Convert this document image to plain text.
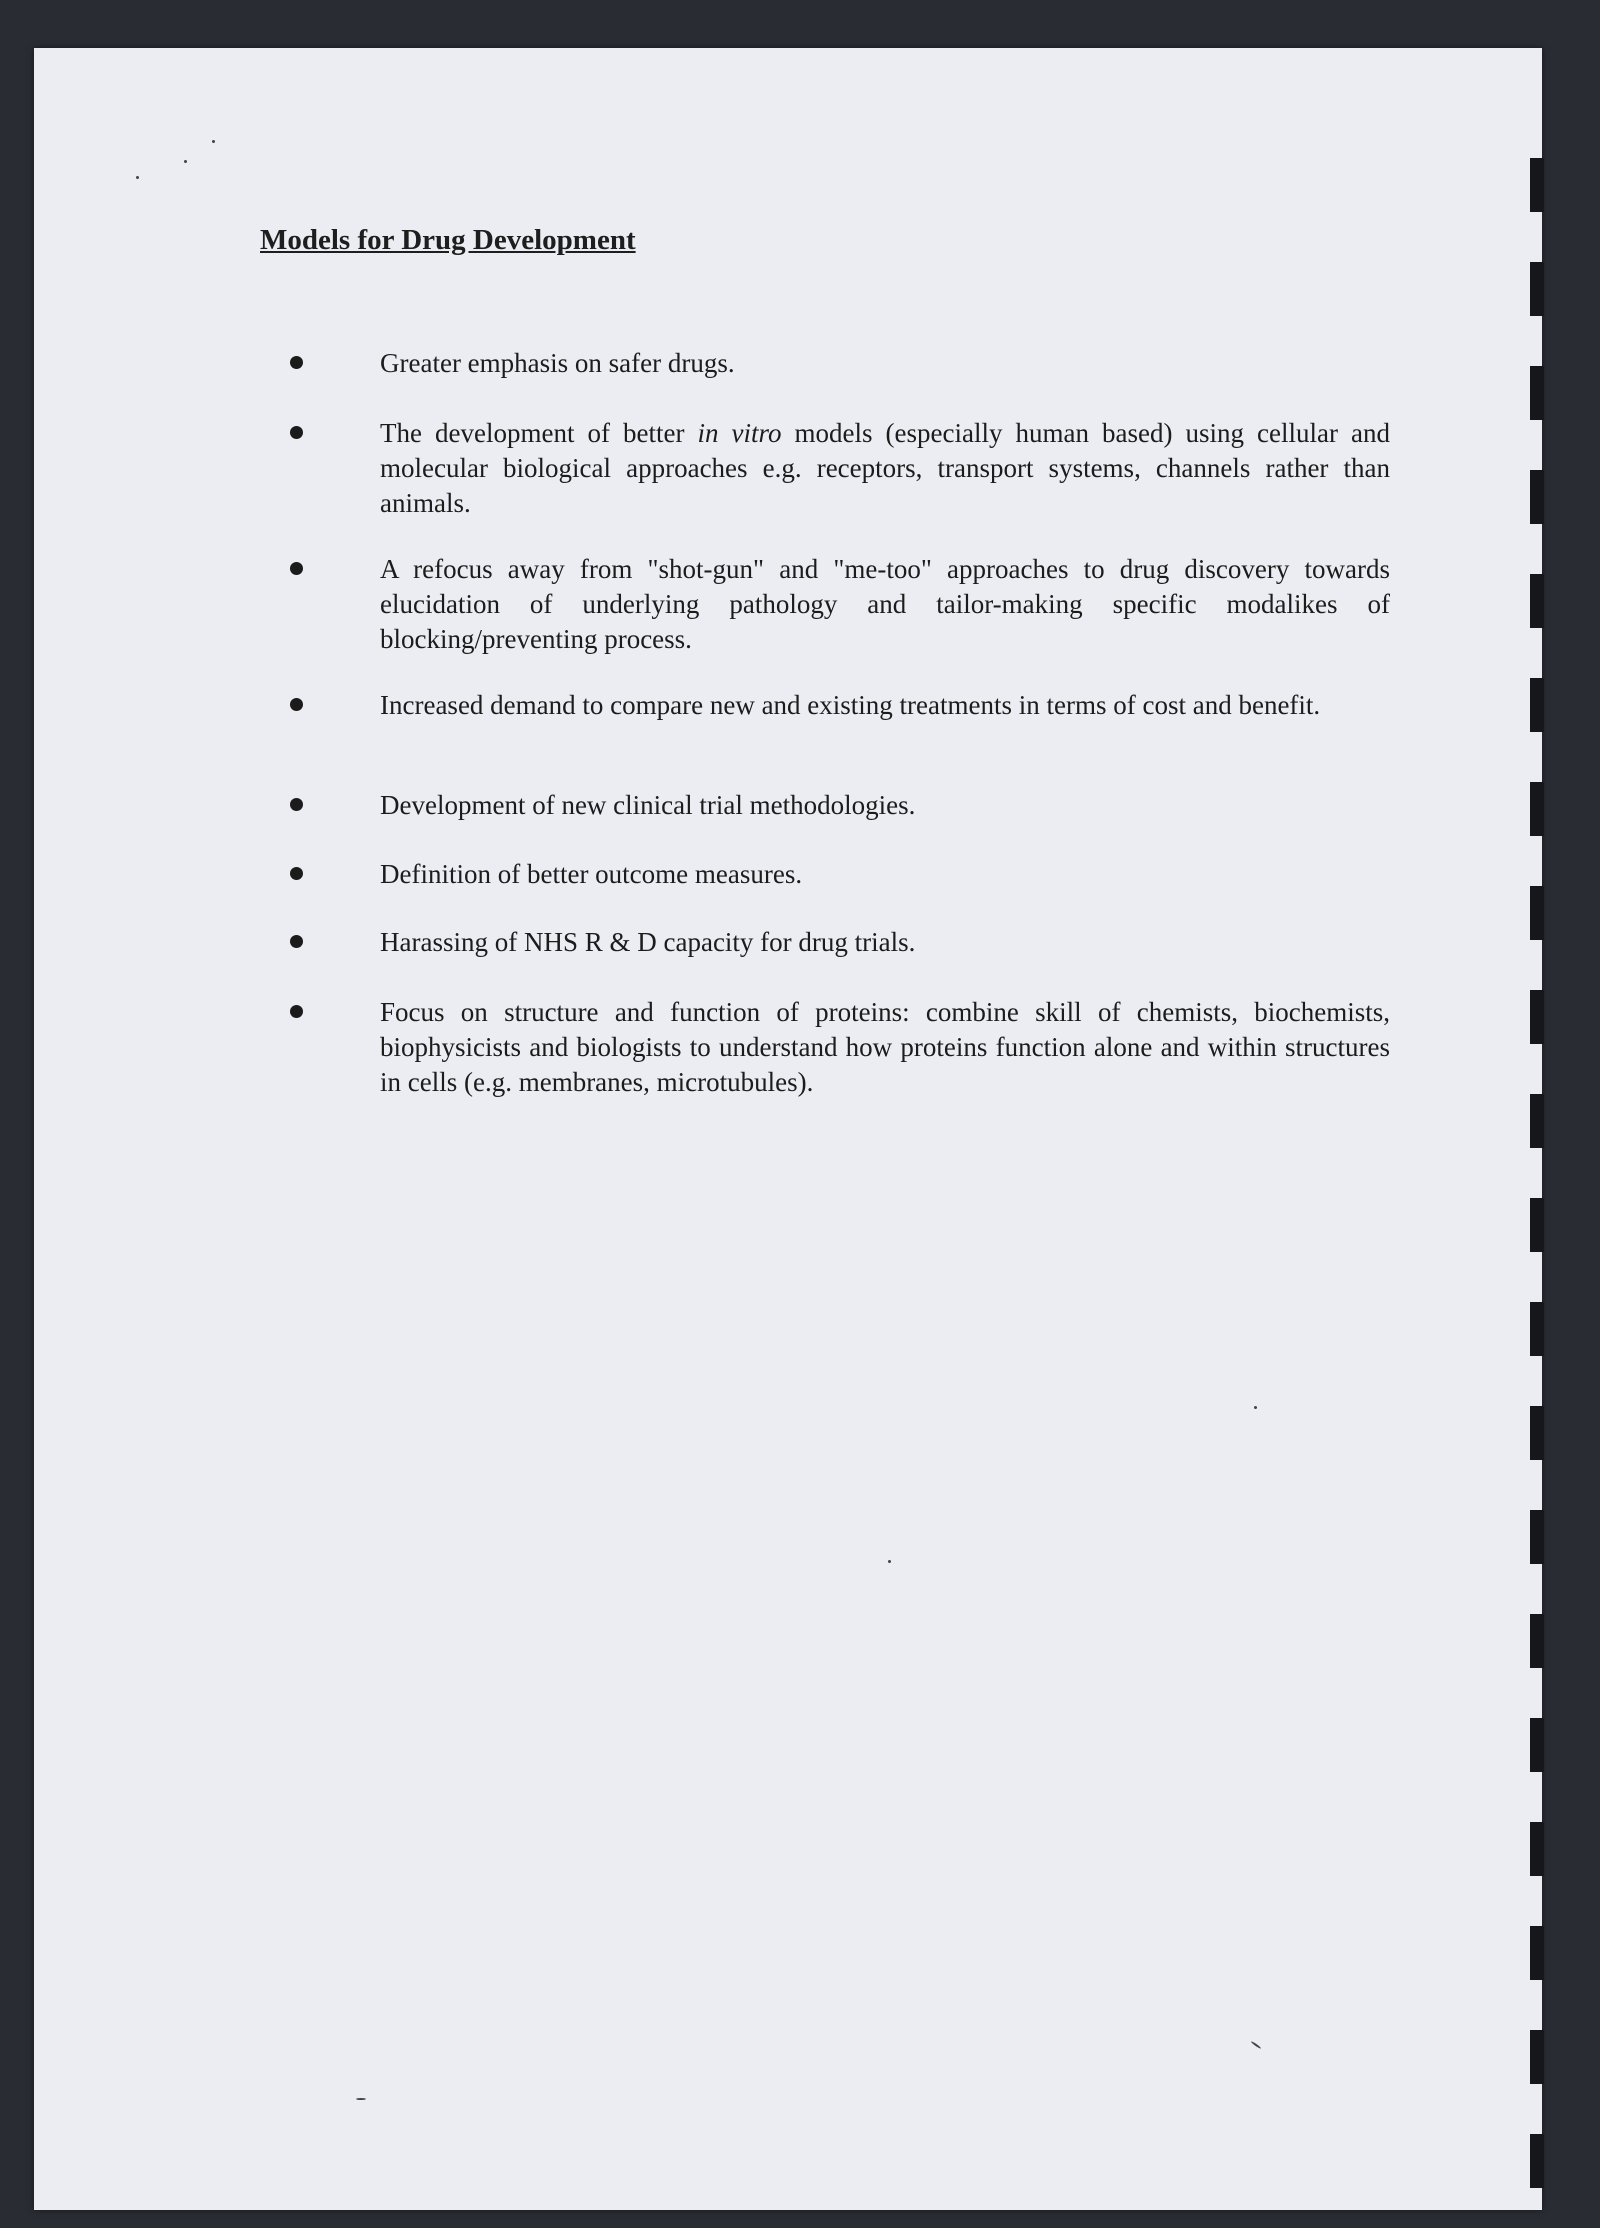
Models for Drug Development
Greater emphasis on safer drugs.
The development of better in vitro models (especially human based) using cellular and molecular biological approaches e.g. receptors, transport systems, channels rather than animals.
A refocus away from "shot-gun" and "me-too" approaches to drug discovery towards elucidation of underlying pathology and tailor-making specific modalikes of blocking/preventing process.
Increased demand to compare new and existing treatments in terms of cost and benefit.
Development of new clinical trial methodologies.
Definition of better outcome measures.
Harassing of NHS R & D capacity for drug trials.
Focus on structure and function of proteins: combine skill of chemists, biochemists, biophysicists and biologists to understand how proteins function alone and within structures in cells (e.g. membranes, microtubules).
